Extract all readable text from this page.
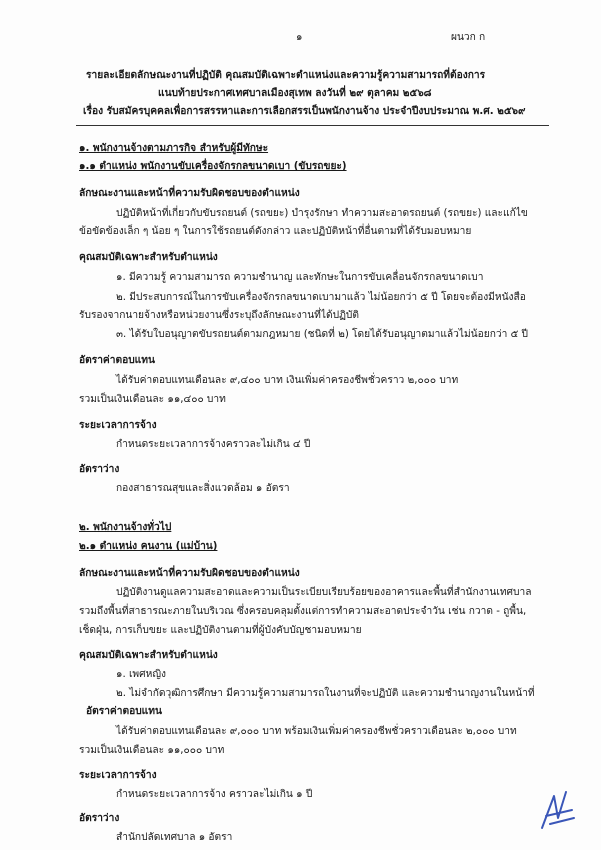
๑	ผนวก ก
รายละเอียดลักษณะงานที่ปฏิบัติ คุณสมบัติเฉพาะตำแหน่งและความรู้ความสามารถที่ต้องการ
แนบท้ายประกาศเทศบาลเมืองสุเทพ ลงวันที่ ๒๙ ตุลาคม ๒๕๖๘
เรื่อง รับสมัครบุคคลเพื่อการสรรหาและการเลือกสรรเป็นพนักงานจ้าง ประจำปีงบประมาณ พ.ศ. ๒๕๖๙
๑. พนักงานจ้างตามภารกิจ สำหรับผู้มีทักษะ
๑.๑ ตำแหน่ง พนักงานขับเครื่องจักรกลขนาดเบา (ขับรถขยะ)
ลักษณะงานและหน้าที่ความรับผิดชอบของตำแหน่ง
ปฏิบัติหน้าที่เกี่ยวกับขับรถยนต์ (รถขยะ) บำรุงรักษา ทำความสะอาดรถยนต์ (รถขยะ) และแก้ไข
ข้อขัดข้องเล็ก ๆ น้อย ๆ ในการใช้รถยนต์ดังกล่าว และปฏิบัติหน้าที่อื่นตามที่ได้รับมอบหมาย
คุณสมบัติเฉพาะสำหรับตำแหน่ง
๑. มีความรู้ ความสามารถ ความชำนาญ และทักษะในการขับเคลื่อนจักรกลขนาดเบา
๒. มีประสบการณ์ในการขับเครื่องจักรกลขนาดเบามาแล้ว ไม่น้อยกว่า ๕ ปี โดยจะต้องมีหนังสือ
รับรองจากนายจ้างหรือหน่วยงานซึ่งระบุถึงลักษณะงานที่ได้ปฏิบัติ
๓. ได้รับใบอนุญาตขับรถยนต์ตามกฎหมาย (ชนิดที่ ๒) โดยได้รับอนุญาตมาแล้วไม่น้อยกว่า ๕ ปี
อัตราค่าตอบแทน
ได้รับค่าตอบแทนเดือนละ ๙,๔๐๐ บาท เงินเพิ่มค่าครองชีพชั่วคราว ๒,๐๐๐ บาท
รวมเป็นเงินเดือนละ ๑๑,๔๐๐ บาท
ระยะเวลาการจ้าง
กำหนดระยะเวลาการจ้างคราวละไม่เกิน ๔ ปี
อัตราว่าง
กองสาธารณสุขและสิ่งแวดล้อม ๑ อัตรา
๒. พนักงานจ้างทั่วไป
๒.๑ ตำแหน่ง คนงาน (แม่บ้าน)
ลักษณะงานและหน้าที่ความรับผิดชอบของตำแหน่ง
ปฏิบัติงานดูแลความสะอาดและความเป็นระเบียบเรียบร้อยของอาคารและพื้นที่สำนักงานเทศบาล
รวมถึงพื้นที่สาธารณะภายในบริเวณ ซึ่งครอบคลุมตั้งแต่การทำความสะอาดประจำวัน เช่น กวาด - ถูพื้น,
เช็ดฝุ่น, การเก็บขยะ และปฏิบัติงานตามที่ผู้บังคับบัญชามอบหมาย
คุณสมบัติเฉพาะสำหรับตำแหน่ง
๑. เพศหญิง
๒. ไม่จำกัดวุฒิการศึกษา มีความรู้ความสามารถในงานที่จะปฏิบัติ และความชำนาญงานในหน้าที่
อัตราค่าตอบแทน
ได้รับค่าตอบแทนเดือนละ ๙,๐๐๐ บาท พร้อมเงินเพิ่มค่าครองชีพชั่วคราวเดือนละ ๒,๐๐๐ บาท
รวมเป็นเงินเดือนละ ๑๑,๐๐๐ บาท
ระยะเวลาการจ้าง
กำหนดระยะเวลาการจ้าง คราวละไม่เกิน ๑ ปี
อัตราว่าง
สำนักปลัดเทศบาล ๑ อัตรา
